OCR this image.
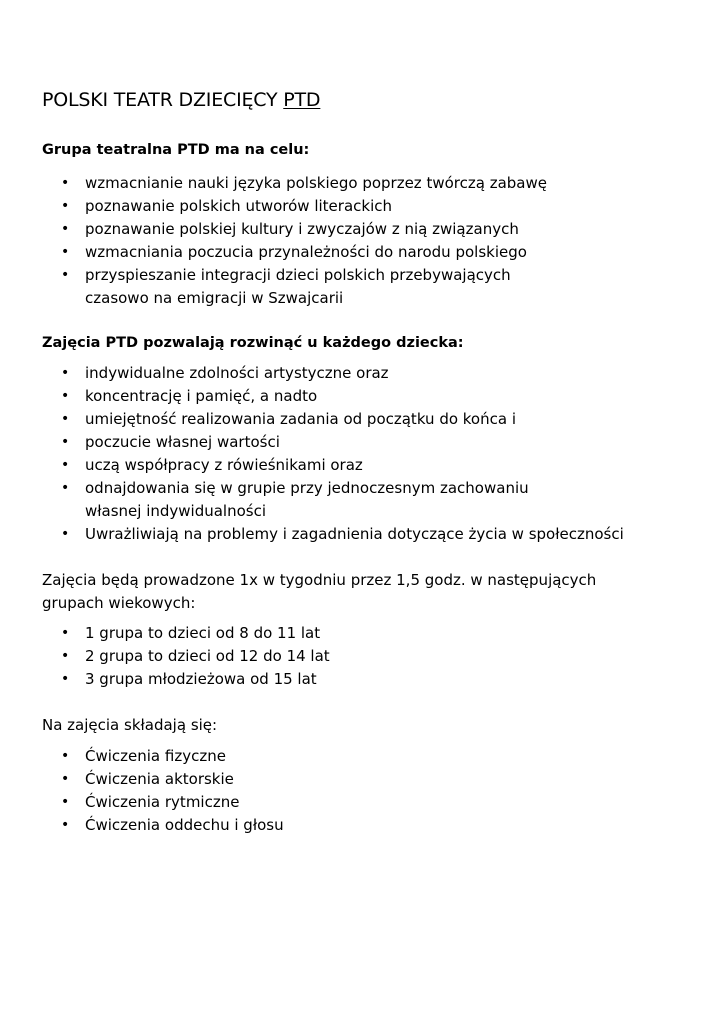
POLSKI TEATR DZIECIĘCY PTD
Grupa teatralna PTD ma na celu:
• wzmacnianie nauki języka polskiego poprzez twórczą zabawę
• poznawanie polskich utworów literackich
• poznawanie polskiej kultury i zwyczajów z nią związanych
• wzmacniania poczucia przynależności do narodu polskiego
• przyspieszanie integracji dzieci polskich przebywających
czasowo na emigracji w Szwajcarii
Zajęcia PTD pozwalają rozwinąć u każdego dziecka:
• indywidualne zdolności artystyczne oraz
• koncentrację i pamięć, a nadto
• umiejętność realizowania zadania od początku do końca i
• poczucie własnej wartości
• uczą współpracy z rówieśnikami oraz
• odnajdowania się w grupie przy jednoczesnym zachowaniu
własnej indywidualności
• Uwrażliwiają na problemy i zagadnienia dotyczące życia w społeczności

Zajęcia będą prowadzone 1x w tygodniu przez 1,5 godz. w następujących
grupach wiekowych:

• 1 grupa to dzieci od 8 do 11 lat
• 2 grupa to dzieci od 12 do 14 lat
• 3 grupa młodzieżowa od 15 lat

Na zajęcia składają się:

• Ćwiczenia fizyczne
• Ćwiczenia aktorskie
• Ćwiczenia rytmiczne
• Ćwiczenia oddechu i głosu
